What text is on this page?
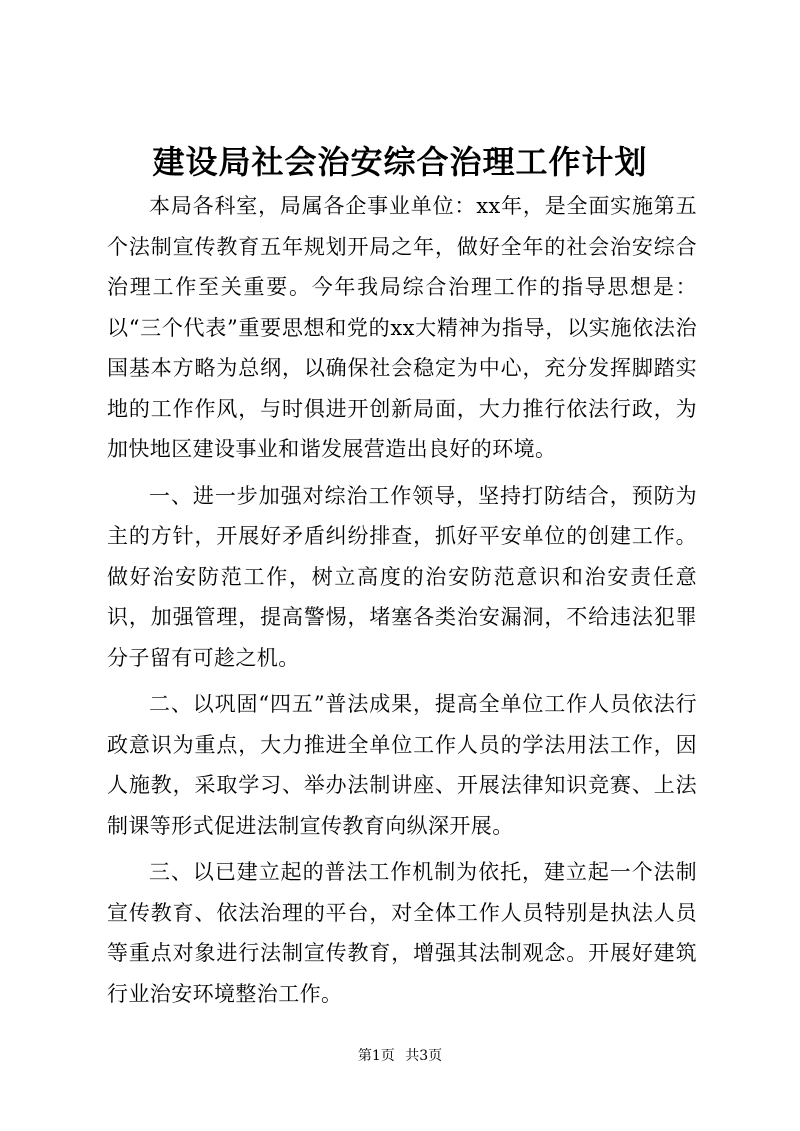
建设局社会治安综合治理工作计划

本局各科室，局属各企事业单位：xx年，是全面实施第五个法制宣传教育五年规划开局之年，做好全年的社会治安综合治理工作至关重要。今年我局综合治理工作的指导思想是：以“三个代表”重要思想和党的xx大精神为指导，以实施依法治国基本方略为总纲，以确保社会稳定为中心，充分发挥脚踏实地的工作作风，与时俱进开创新局面，大力推行依法行政，为加快地区建设事业和谐发展营造出良好的环境。

一、进一步加强对综治工作领导，坚持打防结合，预防为主的方针，开展好矛盾纠纷排查，抓好平安单位的创建工作。做好治安防范工作，树立高度的治安防范意识和治安责任意识，加强管理，提高警惕，堵塞各类治安漏洞，不给违法犯罪分子留有可趁之机。

二、以巩固“四五”普法成果，提高全单位工作人员依法行政意识为重点，大力推进全单位工作人员的学法用法工作，因人施教，采取学习、举办法制讲座、开展法律知识竞赛、上法制课等形式促进法制宣传教育向纵深开展。

三、以已建立起的普法工作机制为依托，建立起一个法制宣传教育、依法治理的平台，对全体工作人员特别是执法人员等重点对象进行法制宣传教育，增强其法制观念。开展好建筑行业治安环境整治工作。

第1页 共3页
